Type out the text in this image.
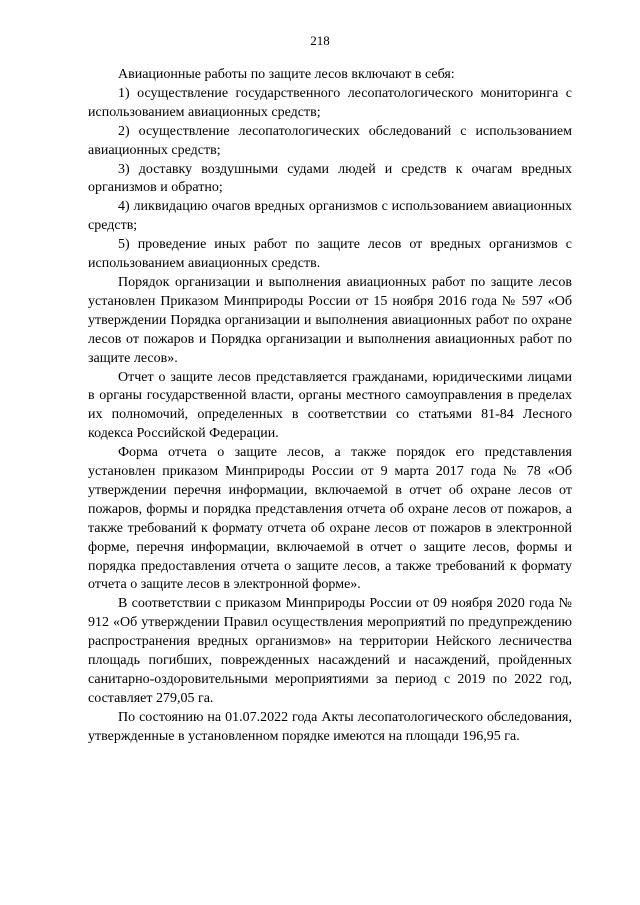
218

Авиационные работы по защите лесов включают в себя:

1) осуществление государственного лесопатологического мониторинга с использованием авиационных средств;

2) осуществление лесопатологических обследований с использованием авиационных средств;

3) доставку воздушными судами людей и средств к очагам вредных организмов и обратно;

4) ликвидацию очагов вредных организмов с использованием авиационных средств;

5) проведение иных работ по защите лесов от вредных организмов с использованием авиационных средств.

Порядок организации и выполнения авиационных работ по защите лесов установлен Приказом Минприроды России от 15 ноября 2016 года № 597 «Об утверждении Порядка организации и выполнения авиационных работ по охране лесов от пожаров и Порядка организации и выполнения авиационных работ по защите лесов».

Отчет о защите лесов представляется гражданами, юридическими лицами в органы государственной власти, органы местного самоуправления в пределах их полномочий, определенных в соответствии со статьями 81-84 Лесного кодекса Российской Федерации.

Форма отчета о защите лесов, а также порядок его представления установлен приказом Минприроды России от 9 марта 2017 года № 78 «Об утверждении перечня информации, включаемой в отчет об охране лесов от пожаров, формы и порядка представления отчета об охране лесов от пожаров, а также требований к формату отчета об охране лесов от пожаров в электронной форме, перечня информации, включаемой в отчет о защите лесов, формы и порядка предоставления отчета о защите лесов, а также требований к формату отчета о защите лесов в электронной форме».

В соответствии с приказом Минприроды России от 09 ноября 2020 года № 912 «Об утверждении Правил осуществления мероприятий по предупреждению распространения вредных организмов» на территории Нейского лесничества площадь погибших, поврежденных насаждений и насаждений, пройденных санитарно-оздоровительными мероприятиями за период с 2019 по 2022 год, составляет 279,05 га.

По состоянию на 01.07.2022 года Акты лесопатологического обследования, утвержденные в установленном порядке имеются на площади 196,95 га.
